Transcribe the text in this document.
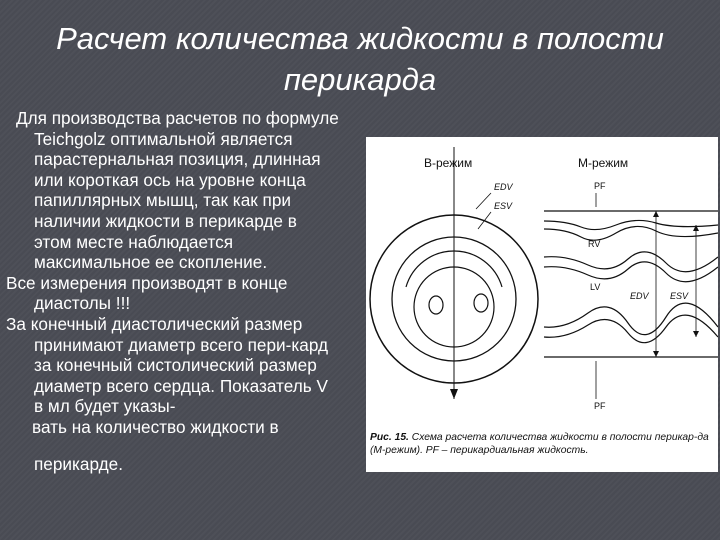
Расчет количества жидкости в полости
перикарда
В-режим	М-режим
EDV
ESV
PF
RV
LV
EDV ESV
PF
Рис. 15. Схема расчета количества жидкости в полости перикар-да (М-режим). PF – перикардиальная жидкость.
Для производства расчетов по формуле
Teichgolz оптимальной является
парастернальная позиция, длинная
или короткая ось на уровне конца
папиллярных мышц, так как при
наличии жидкости в перикарде в
этом месте наблюдается
максимальное ее скопление.
Все измерения производят в конце
диастолы !!!
За конечный диастолический размер
принимают диаметр всего пери-кард
за конечный систолический размер
диаметр всего сердца. Показатель V
в мл будет указы-
вать на количество жидкости в
перикарде.
